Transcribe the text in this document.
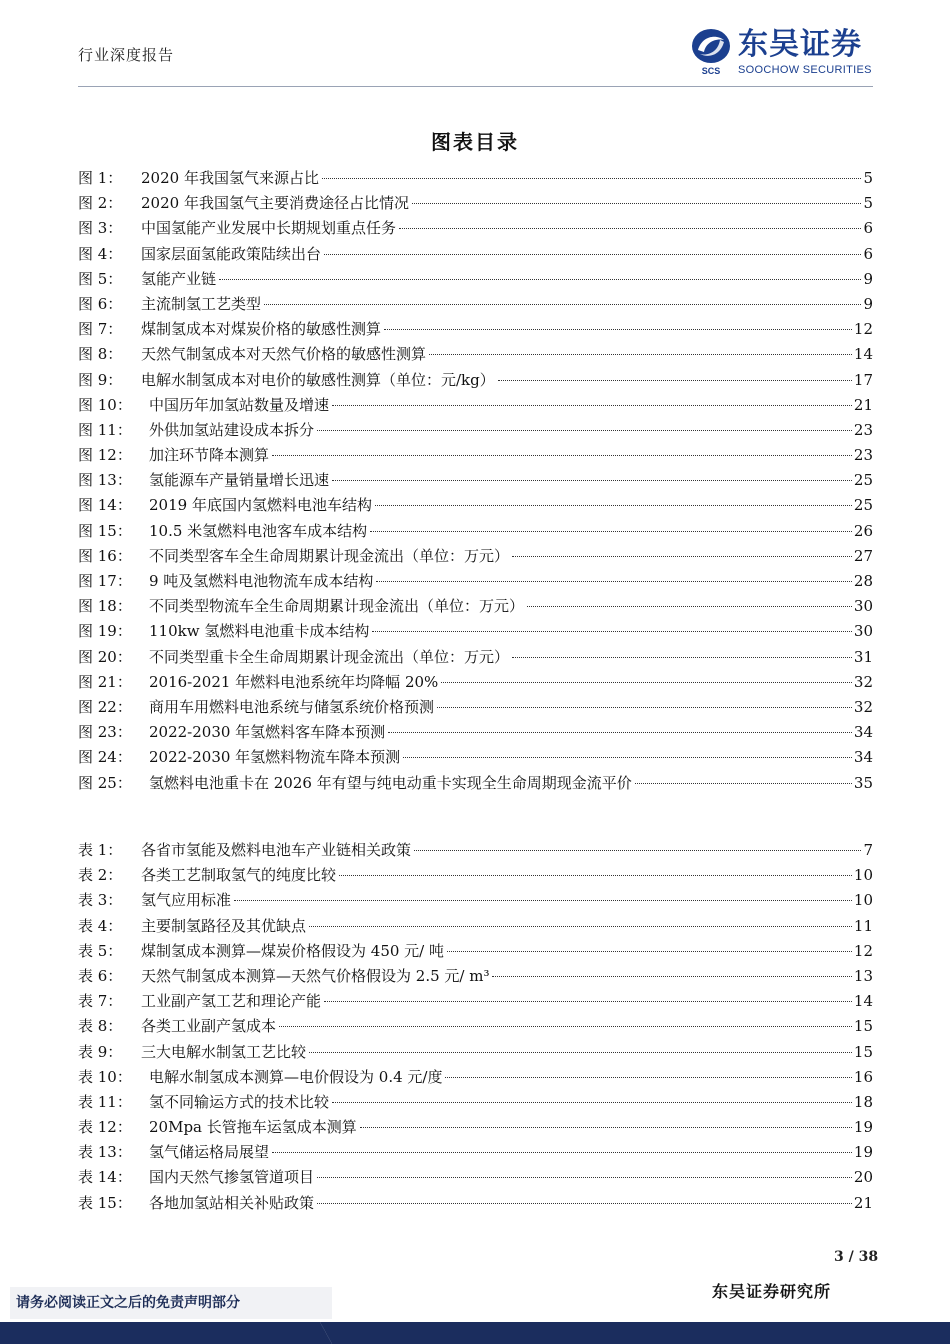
行业深度报告
SCS
东吴证券
SOOCHOW SECURITIES
图表目录
图 1：	2020 年我国氢气来源占比	5
图 2：	2020 年我国氢气主要消费途径占比情况	5
图 3：	中国氢能产业发展中长期规划重点任务	6
图 4：	国家层面氢能政策陆续出台	6
图 5：	氢能产业链	9
图 6：	主流制氢工艺类型	9
图 7：	煤制氢成本对煤炭价格的敏感性测算	12
图 8：	天然气制氢成本对天然气价格的敏感性测算	14
图 9：	电解水制氢成本对电价的敏感性测算（单位：元/kg）	17
图 10：	中国历年加氢站数量及增速	21
图 11：	外供加氢站建设成本拆分	23
图 12：	加注环节降本测算	23
图 13：	氢能源车产量销量增长迅速	25
图 14：	2019 年底国内氢燃料电池车结构	25
图 15：	10.5 米氢燃料电池客车成本结构	26
图 16：	不同类型客车全生命周期累计现金流出（单位：万元）	27
图 17：	9 吨及氢燃料电池物流车成本结构	28
图 18：	不同类型物流车全生命周期累计现金流出（单位：万元）	30
图 19：	110kw 氢燃料电池重卡成本结构	30
图 20：	不同类型重卡全生命周期累计现金流出（单位：万元）	31
图 21：	2016-2021 年燃料电池系统年均降幅 20%	32
图 22：	商用车用燃料电池系统与储氢系统价格预测	32
图 23：	2022-2030 年氢燃料客车降本预测	34
图 24：	2022-2030 年氢燃料物流车降本预测	34
图 25：	氢燃料电池重卡在 2026 年有望与纯电动重卡实现全生命周期现金流平价	35
表 1：	各省市氢能及燃料电池车产业链相关政策	7
表 2：	各类工艺制取氢气的纯度比较	10
表 3：	氢气应用标准	10
表 4：	主要制氢路径及其优缺点	11
表 5：	煤制氢成本测算—煤炭价格假设为 450 元/ 吨	12
表 6：	天然气制氢成本测算—天然气价格假设为 2.5 元/ m³	13
表 7：	工业副产氢工艺和理论产能	14
表 8：	各类工业副产氢成本	15
表 9：	三大电解水制氢工艺比较	15
表 10：	电解水制氢成本测算—电价假设为 0.4 元/度	16
表 11：	氢不同输运方式的技术比较	18
表 12：	20Mpa 长管拖车运氢成本测算	19
表 13：	氢气储运格局展望	19
表 14：	国内天然气掺氢管道项目	20
表 15：	各地加氢站相关补贴政策	21
3 / 38
东吴证券研究所
请务必阅读正文之后的免责声明部分
